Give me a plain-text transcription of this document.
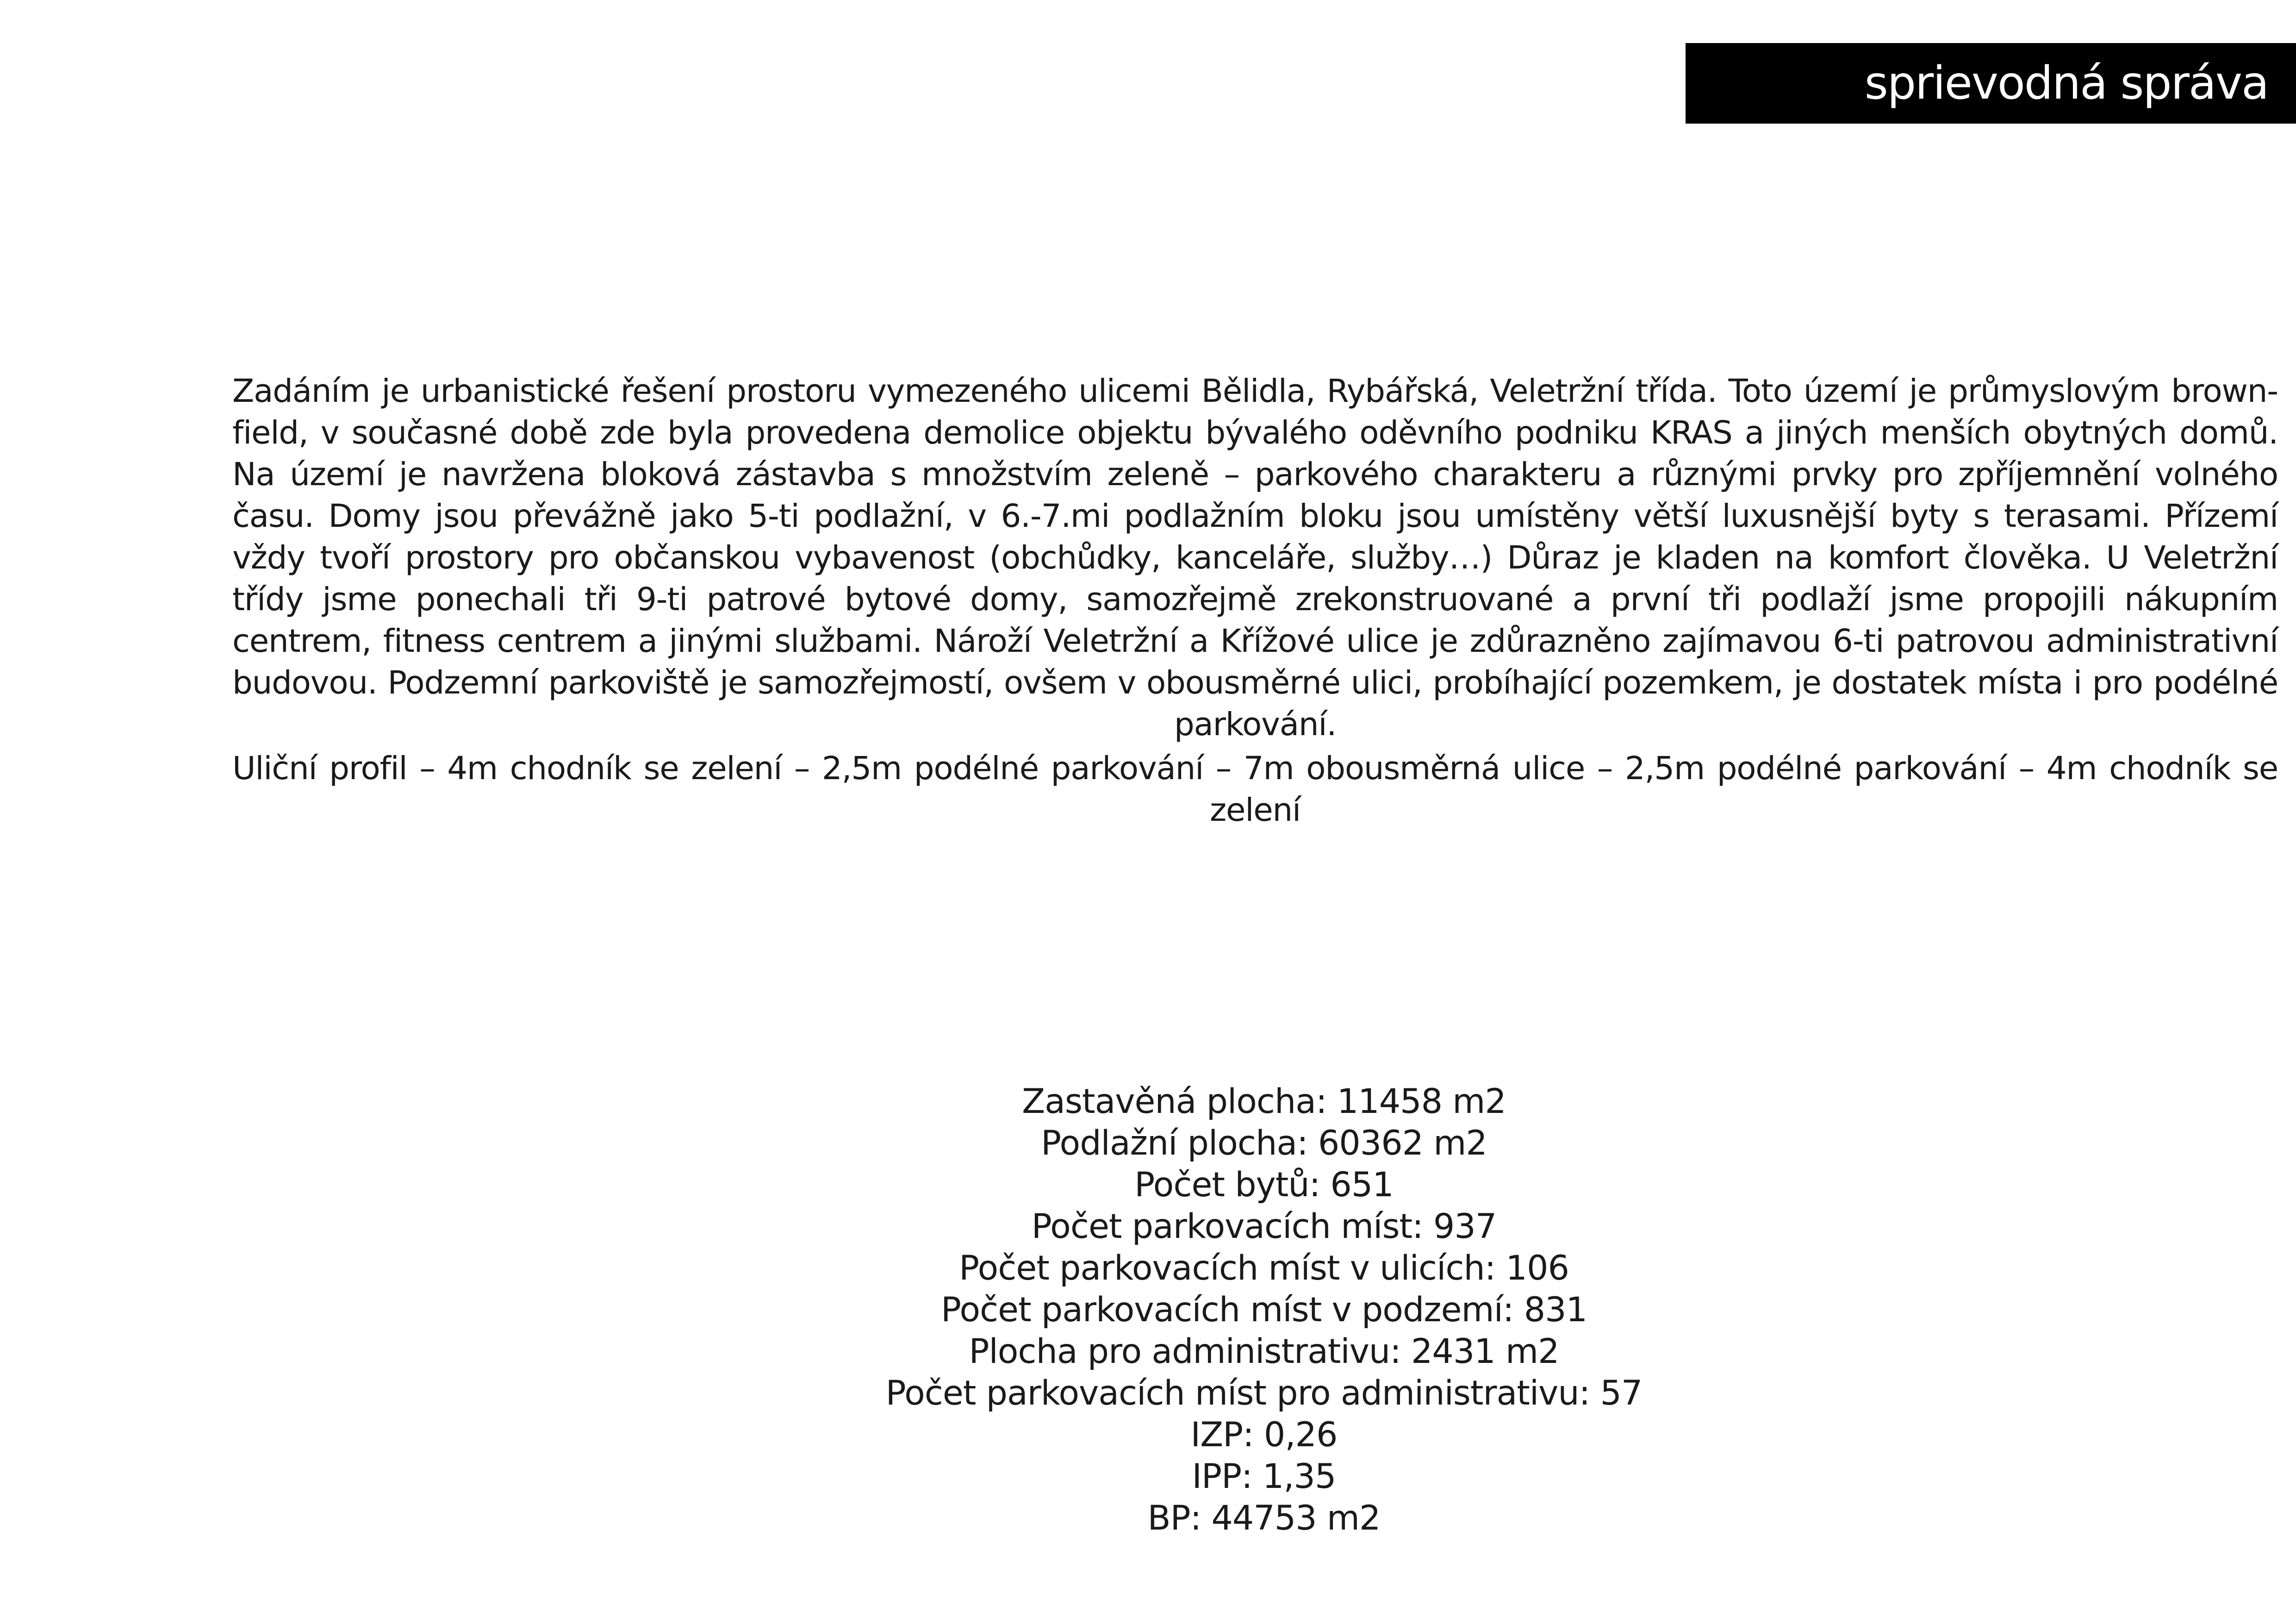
sprievodná správa

Zadáním je urbanistické řešení prostoru vymezeného ulicemi Bělidla, Rybářská, Veletržní třída. Toto území je průmyslovým brown-field, v současné době zde byla provedena demolice objektu bývalého oděvního podniku KRAS a jiných menších obytných domů. Na území je navržena bloková zástavba s množstvím zeleně – parkového charakteru a různými prvky pro zpříjemnění volného času. Domy jsou převážně jako 5-ti podlažní, v 6.-7.mi podlažním bloku jsou umístěny větší luxusnější byty s terasami. Přízemí vždy tvoří prostory pro občanskou vybavenost (obchůdky, kanceláře, služby…) Důraz je kladen na komfort člověka. U Veletržní třídy jsme ponechali tři 9-ti patrové bytové domy, samozřejmě zrekonstruované a první tři podlaží jsme propojili nákupním centrem, fitness centrem a jinými službami. Nároží Veletržní a Křížové ulice je zdůrazněno zajímavou 6-ti patrovou administrativní budovou. Podzemní parkoviště je samozřejmostí, ovšem v obousměrné ulici, probíhající pozemkem, je dostatek místa i pro podélné parkování.

Uliční profil – 4m chodník se zelení – 2,5m podélné parkování – 7m obousměrná ulice – 2,5m podélné parkování – 4m chodník se zelení

Zastavěná plocha: 11458 m2
Podlažní plocha: 60362 m2
Počet bytů: 651
Počet parkovacích míst: 937
Počet parkovacích míst v ulicích: 106
Počet parkovacích míst v podzemí: 831
Plocha pro administrativu: 2431 m2
Počet parkovacích míst pro administrativu: 57
IZP: 0,26
IPP: 1,35
BP: 44753 m2
